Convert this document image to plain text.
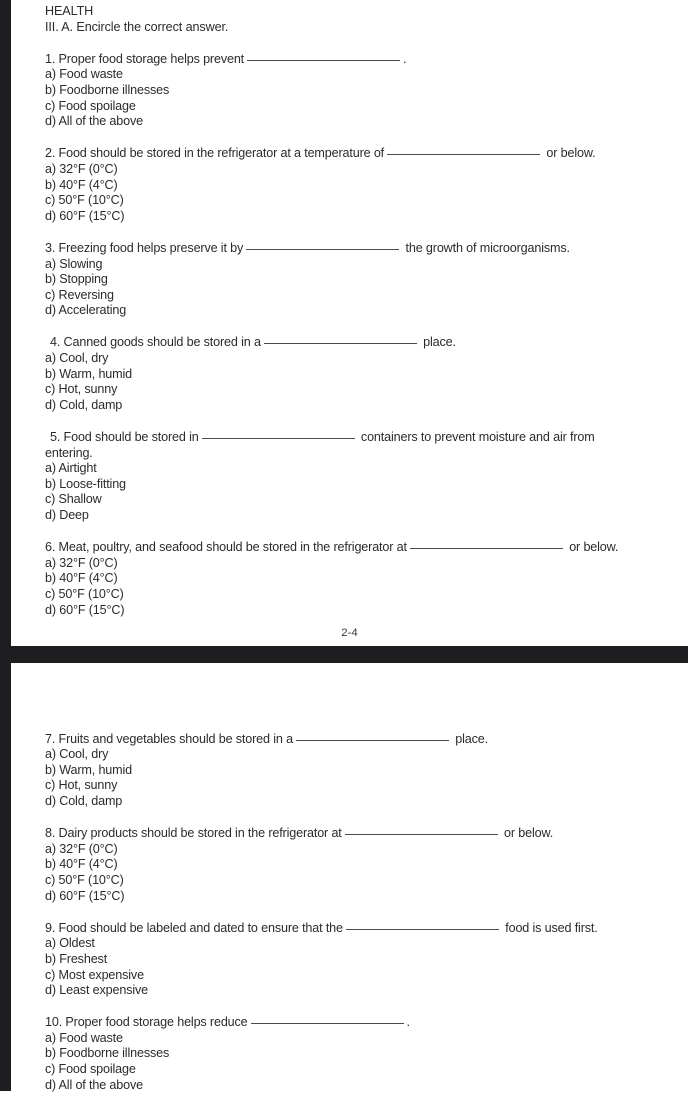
HEALTH
III. A. Encircle the correct answer.
1. Proper food storage helps prevent	.
a) Food waste
b) Foodborne illnesses
c) Food spoilage
d) All of the above
2. Food should be stored in the refrigerator at a temperature of	or below.
a) 32°F (0°C)
b) 40°F (4°C)
c) 50°F (10°C)
d) 60°F (15°C)
3. Freezing food helps preserve it by	the growth of microorganisms.
a) Slowing
b) Stopping
c) Reversing
d) Accelerating
4. Canned goods should be stored in a	place.
a) Cool, dry
b) Warm, humid
c) Hot, sunny
d) Cold, damp
5. Food should be stored in	containers to prevent moisture and air from
entering.
a) Airtight
b) Loose-fitting
c) Shallow
d) Deep
6. Meat, poultry, and seafood should be stored in the refrigerator at	or below.
a) 32°F (0°C)
b) 40°F (4°C)
c) 50°F (10°C)
d) 60°F (15°C)
2-4
7. Fruits and vegetables should be stored in a	place.
a) Cool, dry
b) Warm, humid
c) Hot, sunny
d) Cold, damp
8. Dairy products should be stored in the refrigerator at	or below.
a) 32°F (0°C)
b) 40°F (4°C)
c) 50°F (10°C)
d) 60°F (15°C)
9. Food should be labeled and dated to ensure that the	food is used first.
a) Oldest
b) Freshest
c) Most expensive
d) Least expensive
10. Proper food storage helps reduce	.
a) Food waste
b) Foodborne illnesses
c) Food spoilage
d) All of the above
